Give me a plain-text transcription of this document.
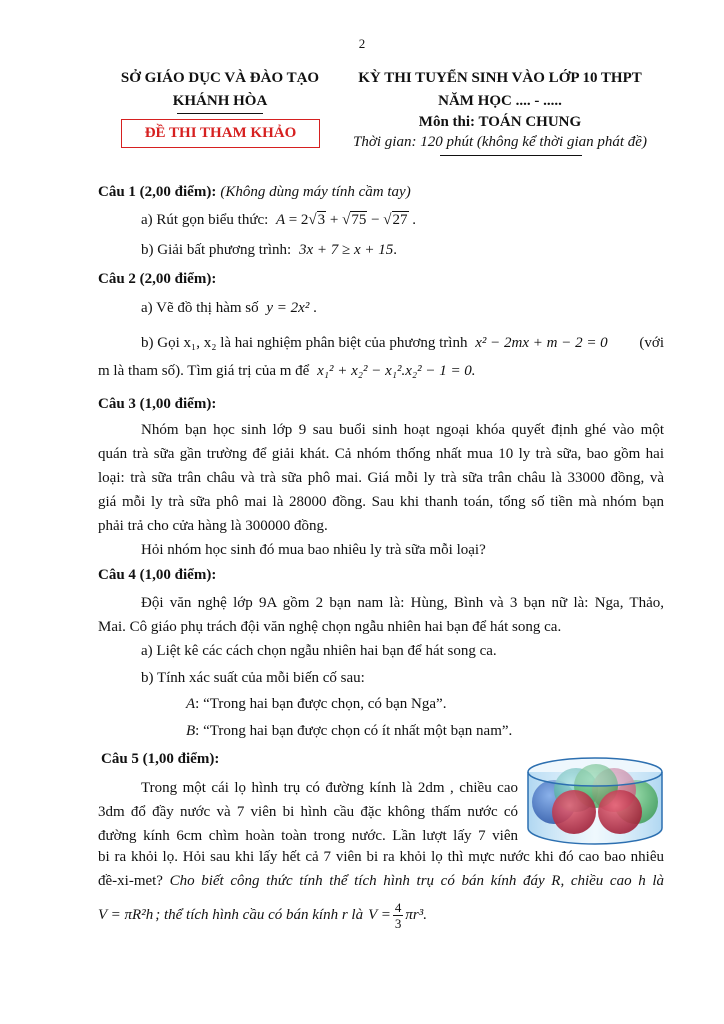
2
SỞ GIÁO DỤC VÀ ĐÀO TẠO
KHÁNH HÒA
ĐỀ THI THAM KHẢO
KỲ THI TUYỂN SINH VÀO LỚP 10 THPT
NĂM HỌC .... - .....
Môn thi: TOÁN CHUNG
Thời gian: 120 phút (không kể thời gian phát đề)
Câu 1 (2,00 điểm): (Không dùng máy tính cầm tay)
a) Rút gọn biểu thức: A = 2√3 + √75 − √27 .
b) Giải bất phương trình: 3x + 7 ≥ x + 15.
Câu 2 (2,00 điểm):
a) Vẽ đồ thị hàm số y = 2x² .
b) Gọi x₁, x₂ là hai nghiệm phân biệt của phương trình x² − 2mx + m − 2 = 0 (với
m là tham số). Tìm giá trị của m để x₁² + x₂² − x₁².x₂² − 1 = 0.
Câu 3 (1,00 điểm):
Nhóm bạn học sinh lớp 9 sau buổi sinh hoạt ngoại khóa quyết định ghé vào một
quán trà sữa gần trường để giải khát. Cả nhóm thống nhất mua 10 ly trà sữa, bao gồm hai
loại: trà sữa trân châu và trà sữa phô mai. Giá mỗi ly trà sữa trân châu là 33000 đồng, và
giá mỗi ly trà sữa phô mai là 28000 đồng. Sau khi thanh toán, tổng số tiền mà nhóm bạn
phải trả cho cửa hàng là 300000 đồng.
Hỏi nhóm học sinh đó mua bao nhiêu ly trà sữa mỗi loại?
Câu 4 (1,00 điểm):
Đội văn nghệ lớp 9A gồm 2 bạn nam là: Hùng, Bình và 3 bạn nữ là: Nga, Thảo,
Mai. Cô giáo phụ trách đội văn nghệ chọn ngẫu nhiên hai bạn để hát song ca.
a) Liệt kê các cách chọn ngẫu nhiên hai bạn để hát song ca.
b) Tính xác suất của mỗi biến cố sau:
A: “Trong hai bạn được chọn, có bạn Nga”.
B: “Trong hai bạn được chọn có ít nhất một bạn nam”.
Câu 5 (1,00 điểm):
Trong một cái lọ hình trụ có đường kính là 2dm , chiều cao
3dm đổ đầy nước và 7 viên bi hình cầu đặc không thấm nước có
đường kính 6cm chìm hoàn toàn trong nước. Lần lượt lấy 7 viên
bi ra khỏi lọ. Hỏi sau khi lấy hết cả 7 viên bi ra khỏi lọ thì mực nước khi đó cao bao nhiêu
đề-xi-met? Cho biết công thức tính thể tích hình trụ có bán kính đáy R, chiều cao h là
V = πR²h ; thể tích hình cầu có bán kính r là $V = \frac{4}{3} \pi r^3$.
